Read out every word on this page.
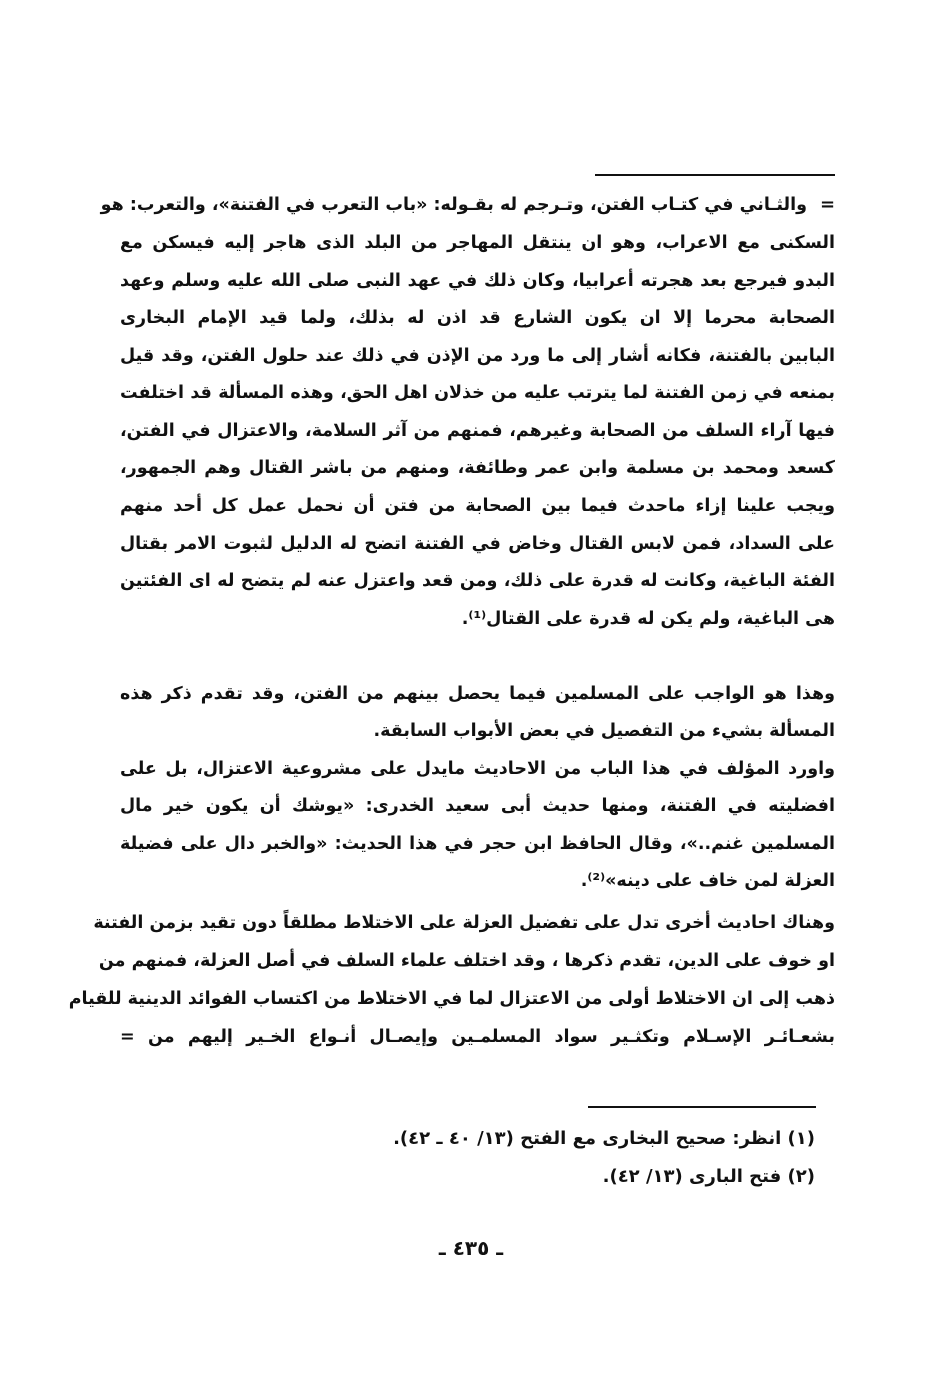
=
والثـاني في كتـاب الفتن، وتـرجم له بقـوله: «باب التعرب في الفتنة»، والتعرب: هو
السكنى مع الاعراب، وهو ان ينتقل المهاجر من البلد الذى هاجر إليه فيسكن مع
البدو فيرجع بعد هجرته أعرابيا، وكان ذلك في عهد النبى صلى الله عليه وسلم وعهد
الصحابة محرما إلا ان يكون الشارع قد اذن له بذلك، ولما قيد الإمام البخارى
البابين بالفتنة، فكانه أشار إلى ما ورد من الإذن في ذلك عند حلول الفتن، وقد قيل
بمنعه في زمن الفتنة لما يترتب عليه من خذلان اهل الحق، وهذه المسألة قد اختلفت
فيها آراء السلف من الصحابة وغيرهم، فمنهم من آثر السلامة، والاعتزال في الفتن،
كسعد ومحمد بن مسلمة وابن عمر وطائفة، ومنهم من باشر القتال وهم الجمهور،
ويجب علينا إزاء ماحدث فيما بين الصحابة من فتن أن نحمل عمل كل أحد منهم
على السداد، فمن لابس القتال وخاض في الفتنة اتضح له الدليل لثبوت الامر بقتال
الفئة الباغية، وكانت له قدرة على ذلك، ومن قعد واعتزل عنه لم يتضح له اى الفئتين
هى الباغية، ولم يكن له قدرة على القتال⁽¹⁾.
وهذا هو الواجب على المسلمين فيما يحصل بينهم من الفتن، وقد تقدم ذكر هذه
المسألة بشيء من التفصيل في بعض الأبواب السابقة.
واورد المؤلف في هذا الباب من الاحاديث مايدل على مشروعية الاعتزال، بل على
افضليته في الفتنة، ومنها حديث أبى سعيد الخدرى: «يوشك أن يكون خير مال
المسلمين غنم..»، وقال الحافظ ابن حجر في هذا الحديث: «والخبر دال على فضيلة
العزلة لمن خاف على دينه»⁽²⁾.
وهناك احاديث أخرى تدل على تفضيل العزلة على الاختلاط مطلقاً دون تقيد بزمن الفتنة
او خوف على الدين، تقدم ذكرها ، وقد اختلف علماء السلف في أصل العزلة، فمنهم من
ذهب إلى ان الاختلاط أولى من الاعتزال لما في الاختلاط من اكتساب الفوائد الدينية للقيام
بشعـائـر الإسـلام وتكثـير سواد المسلمـين وإيصـال أنـواع الخـير إليهم من =
(١) انظر: صحيح البخارى مع الفتح (١٣/ ٤٠ ـ ٤٢).
(٢) فتح البارى (١٣/ ٤٢).
ـ ٤٣٥ ـ
